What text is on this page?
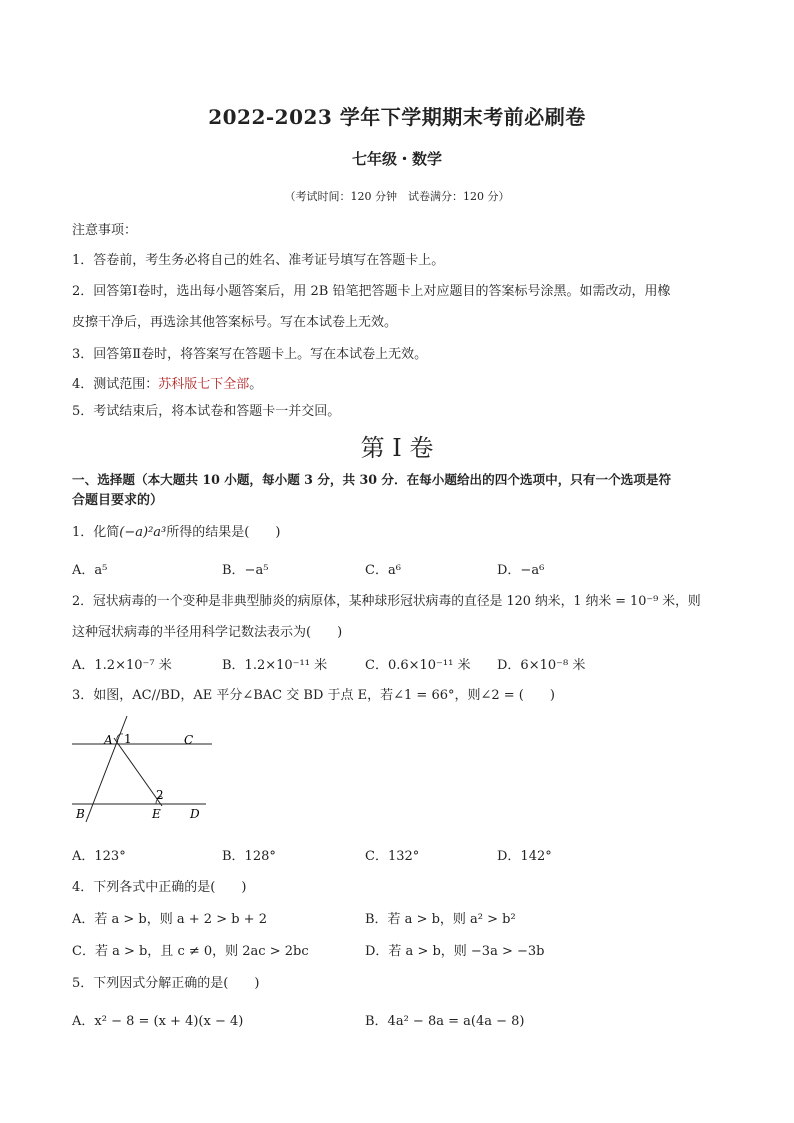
2022-2023 学年下学期期末考前必刷卷
七年级・数学
（考试时间：120 分钟　试卷满分：120 分）
注意事项：
1．答卷前，考生务必将自己的姓名、准考证号填写在答题卡上。
2．回答第Ⅰ卷时，选出每小题答案后，用 2B 铅笔把答题卡上对应题目的答案标号涂黑。如需改动，用橡
皮擦干净后，再选涂其他答案标号。写在本试卷上无效。
3．回答第Ⅱ卷时，将答案写在答题卡上。写在本试卷上无效。
4．测试范围：苏科版七下全部。
5．考试结束后，将本试卷和答题卡一并交回。
第 I 卷
一、选择题（本大题共 10 小题，每小题 3 分，共 30 分．在每小题给出的四个选项中，只有一个选项是符
合题目要求的）
1．化简(−a)²a³所得的结果是(　　)
A．a⁵	B．−a⁵	C．a⁶	D．−a⁶
2．冠状病毒的一个变种是非典型肺炎的病原体，某种球形冠状病毒的直径是 120 纳米，1 纳米 = 10⁻⁹ 米，则
这种冠状病毒的半径用科学记数法表示为(　　)
A．1.2×10⁻⁷ 米	B．1.2×10⁻¹¹ 米	C．0.6×10⁻¹¹ 米 D．6×10⁻⁸ 米
3．如图，AC//BD，AE 平分∠BAC 交 BD 于点 E，若∠1 = 66°，则∠2 = (　　)
A 1	C
2
B	E D
A．123°	B．128°	C．132°	D．142°
4．下列各式中正确的是(　　)
A．若 a > b，则 a + 2 > b + 2	B．若 a > b，则 a² > b²
C．若 a > b，且 c ≠ 0，则 2ac > 2bc	D．若 a > b，则 −3a > −3b
5．下列因式分解正确的是(　　)
A．x² − 8 = (x + 4)(x − 4)	B．4a² − 8a = a(4a − 8)
